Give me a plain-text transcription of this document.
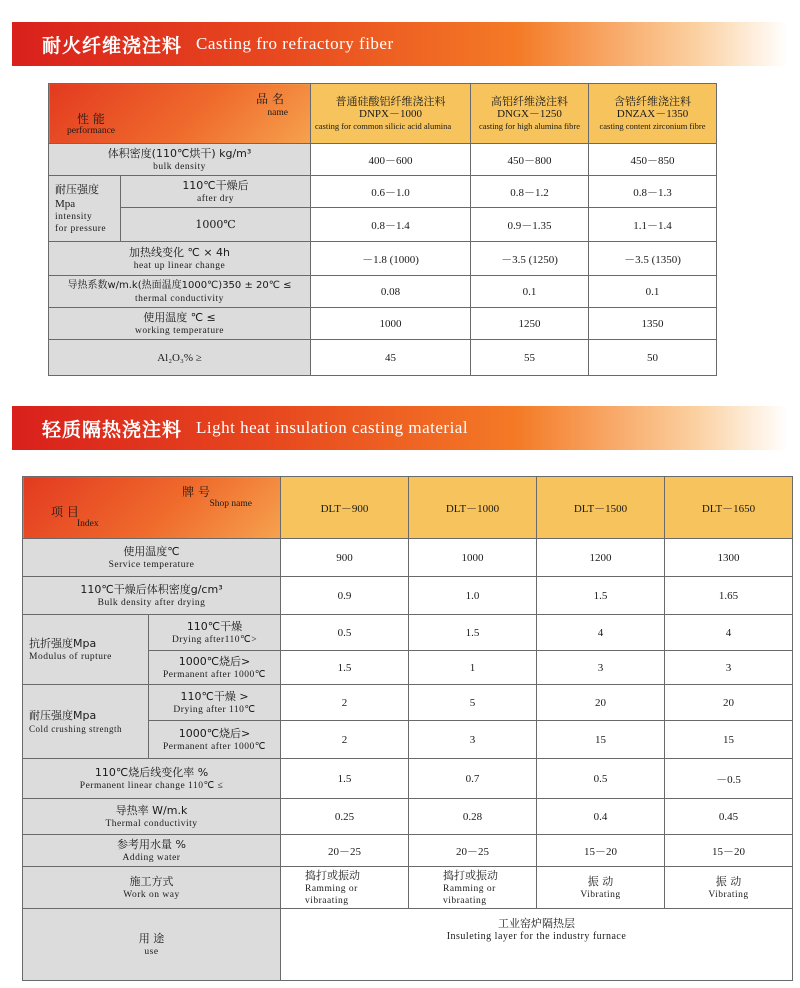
耐火纤维浇注料 Casting fro refractory fiber
品 名
name
性 能
performance		普通硅酸铝纤维浇注料
DNPX－1000
casting for common silicic acid alumina	高铝纤维浇注料
DNGX－1250
casting for high alumina fibre	含锆纤维浇注料
DNZAX－1350
casting content zirconium fibre

体积密度(110℃烘干) kg/m³
bulk density		400－600	450－800	450－850

耐压强度
Mpa
intensity
for pressure	110℃干燥后
after dry	0.6－1.0	0.8－1.2	0.8－1.3

	1000℃	0.8－1.4	0.9－1.35	1.1－1.4

加热线变化 ℃ × 4h
heat up linear change		－1.8 (1000)	－3.5 (1250)	－3.5 (1350)

导热系数w/m.k(热面温度1000℃)350 ± 20℃ ≤
thermal conductivity		0.08	0.1	0.1

使用温度 ℃ ≤
working temperature		1000	1250	1350

Al₂O₃% ≥		45	55	50
轻质隔热浇注料 Light heat insulation casting material
牌 号
Shop name
项 目
Index		DLT－900	DLT－1000	DLT－1500	DLT－1650

使用温度℃
Service temperature		900	1000	1200	1300

110℃干燥后体积密度g/cm³
Bulk density after drying		0.9	1.0	1.5	1.65

抗折强度Mpa
Modulus of rupture	110℃干燥
Drying after110℃>	0.5	1.5	4	4

	1000℃烧后>
Permanent after 1000℃	1.5	1	3	3

耐压强度Mpa
Cold crushing strength	110℃干燥 >
Drying after 110℃	2	5	20	20

	1000℃烧后>
Permanent after 1000℃	2	3	15	15

110℃烧后线变化率 %
Permanent linear change 110℃ ≤		1.5	0.7	0.5	－0.5

导热率 W/m.k
Thermal conductivity		0.25	0.28	0.4	0.45

参考用水量 %
Adding water		20－25	20－25	15－20	15－20

施工方式
Work on way		捣打或振动
Ramming or
vibraating	捣打或振动
Ramming or
vibraating	振 动
Vibrating	振 动
Vibrating

用 途
use		工业窑炉隔热层
Insuleting layer for the industry furnace			
